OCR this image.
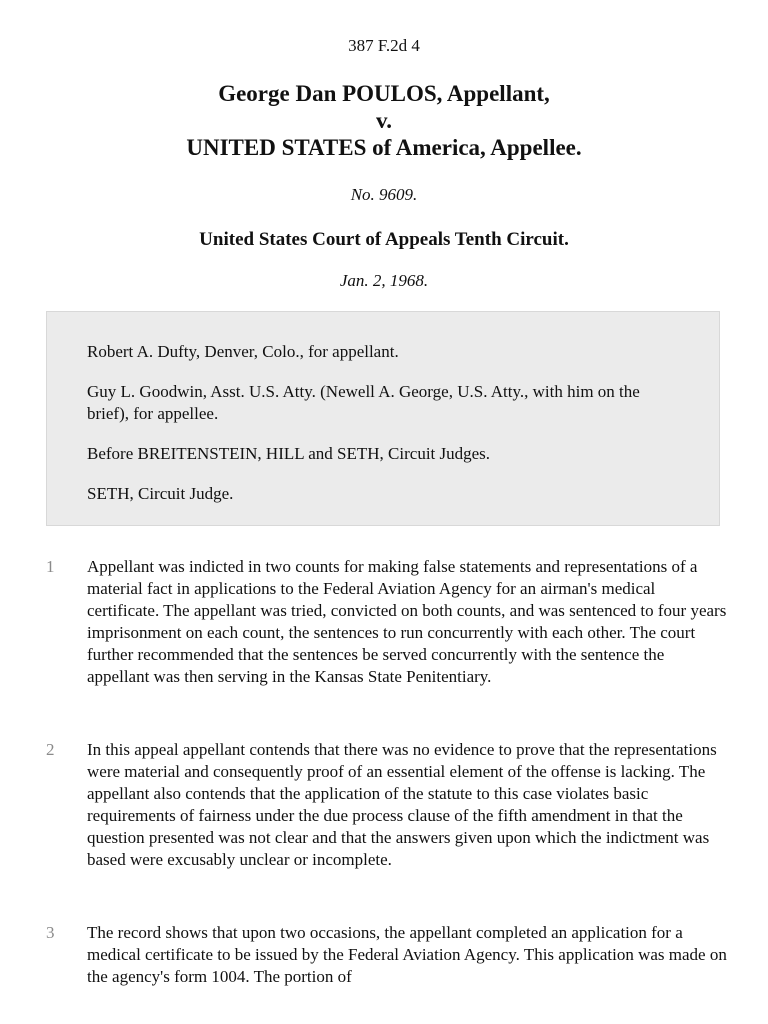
387 F.2d 4
George Dan POULOS, Appellant,
v.
UNITED STATES of America, Appellee.
No. 9609.
United States Court of Appeals Tenth Circuit.
Jan. 2, 1968.

Robert A. Dufty, Denver, Colo., for appellant.

Guy L. Goodwin, Asst. U.S. Atty. (Newell A. George, U.S. Atty., with him on the brief), for appellee.

Before BREITENSTEIN, HILL and SETH, Circuit Judges.

SETH, Circuit Judge.

1 Appellant was indicted in two counts for making false statements and representations of a material fact in applications to the Federal Aviation Agency for an airman's medical certificate. The appellant was tried, convicted on both counts, and was sentenced to four years imprisonment on each count, the sentences to run concurrently with each other. The court further recommended that the sentences be served concurrently with the sentence the appellant was then serving in the Kansas State Penitentiary.

2 In this appeal appellant contends that there was no evidence to prove that the representations were material and consequently proof of an essential element of the offense is lacking. The appellant also contends that the application of the statute to this case violates basic requirements of fairness under the due process clause of the fifth amendment in that the question presented was not clear and that the answers given upon which the indictment was based were excusably unclear or incomplete.

3 The record shows that upon two occasions, the appellant completed an application for a medical certificate to be issued by the Federal Aviation Agency. This application was made on the agency's form 1004. The portion of
